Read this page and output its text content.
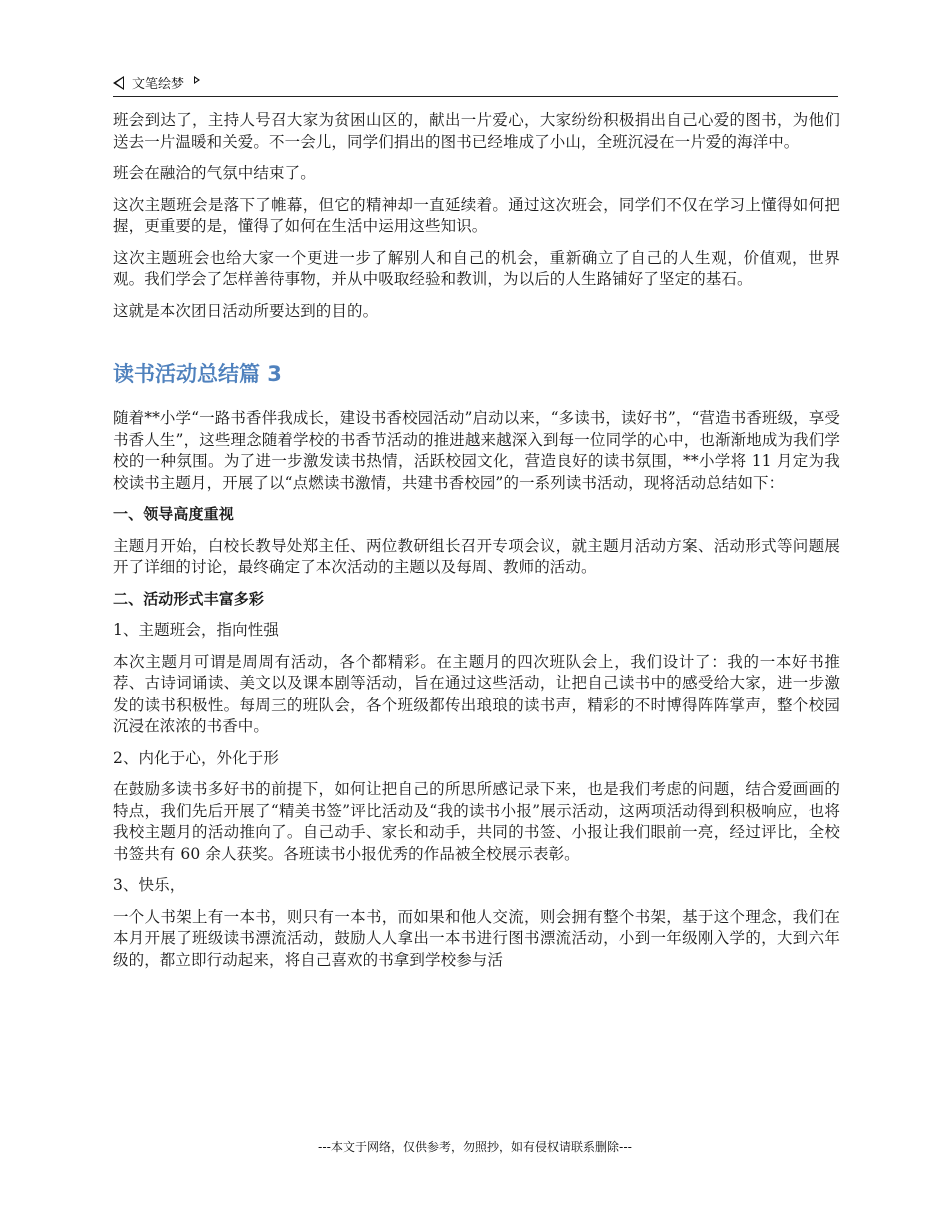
文笔绘梦

班会到达了，主持人号召大家为贫困山区的，献出一片爱心，大家纷纷积极捐出自己心爱的图书，为他们送去一片温暖和关爱。不一会儿，同学们捐出的图书已经堆成了小山，全班沉浸在一片爱的海洋中。

班会在融洽的气氛中结束了。

这次主题班会是落下了帷幕，但它的精神却一直延续着。通过这次班会，同学们不仅在学习上懂得如何把握，更重要的是，懂得了如何在生活中运用这些知识。

这次主题班会也给大家一个更进一步了解别人和自己的机会，重新确立了自己的人生观，价值观，世界观。我们学会了怎样善待事物，并从中吸取经验和教训，为以后的人生路铺好了坚定的基石。

这就是本次团日活动所要达到的目的。

读书活动总结篇 3

随着**小学“一路书香伴我成长，建设书香校园活动”启动以来，“多读书，读好书”，“营造书香班级，享受书香人生”，这些理念随着学校的书香节活动的推进越来越深入到每一位同学的心中，也渐渐地成为我们学校的一种氛围。为了进一步激发读书热情，活跃校园文化，营造良好的读书氛围，**小学将 11 月定为我校读书主题月，开展了以“点燃读书激情，共建书香校园”的一系列读书活动，现将活动总结如下：

一、领导高度重视

主题月开始，白校长教导处郑主任、两位教研组长召开专项会议，就主题月活动方案、活动形式等问题展开了详细的讨论，最终确定了本次活动的主题以及每周、教师的活动。

二、活动形式丰富多彩

1、主题班会，指向性强

本次主题月可谓是周周有活动，各个都精彩。在主题月的四次班队会上，我们设计了：我的一本好书推荐、古诗词诵读、美文以及课本剧等活动，旨在通过这些活动，让把自己读书中的感受给大家，进一步激发的读书积极性。每周三的班队会，各个班级都传出琅琅的读书声，精彩的不时博得阵阵掌声，整个校园沉浸在浓浓的书香中。

2、内化于心，外化于形

在鼓励多读书多好书的前提下，如何让把自己的所思所感记录下来，也是我们考虑的问题，结合爱画画的特点，我们先后开展了“精美书签”评比活动及“我的读书小报”展示活动，这两项活动得到积极响应，也将我校主题月的活动推向了。自己动手、家长和动手，共同的书签、小报让我们眼前一亮，经过评比，全校书签共有 60 余人获奖。各班读书小报优秀的作品被全校展示表彰。

3、快乐，

一个人书架上有一本书，则只有一本书，而如果和他人交流，则会拥有整个书架，基于这个理念，我们在本月开展了班级读书漂流活动，鼓励人人拿出一本书进行图书漂流活动，小到一年级刚入学的，大到六年级的，都立即行动起来，将自己喜欢的书拿到学校参与活

---本文于网络，仅供参考，勿照抄，如有侵权请联系删除---
